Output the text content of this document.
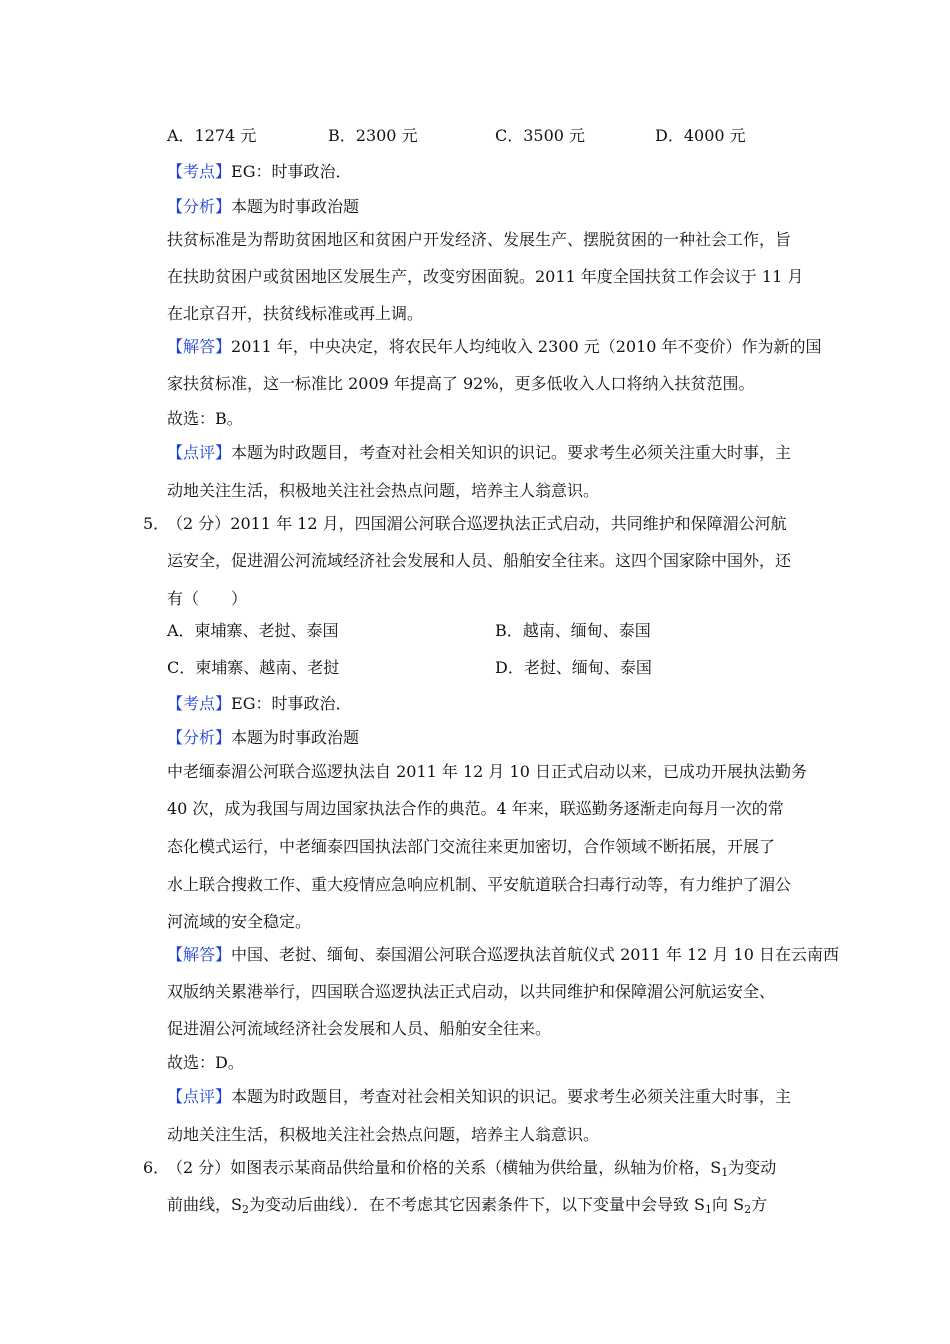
A．1274 元	B．2300 元	C．3500 元	D．4000 元
【考点】EG：时事政治．
【分析】本题为时事政治题
扶贫标准是为帮助贫困地区和贫困户开发经济、发展生产、摆脱贫困的一种社会工作，旨
在扶助贫困户或贫困地区发展生产，改变穷困面貌。2011 年度全国扶贫工作会议于 11 月
在北京召开，扶贫线标准或再上调。
【解答】2011 年，中央决定，将农民年人均纯收入 2300 元（2010 年不变价）作为新的国
家扶贫标准，这一标准比 2009 年提高了 92%，更多低收入人口将纳入扶贫范围。
故选：B。
【点评】本题为时政题目，考查对社会相关知识的识记。要求考生必须关注重大时事，主
动地关注生活，积极地关注社会热点问题，培养主人翁意识。
5．
（2 分）2011 年 12 月，四国湄公河联合巡逻执法正式启动，共同维护和保障湄公河航
运安全，促进湄公河流域经济社会发展和人员、船舶安全往来。这四个国家除中国外，还
有（　　）
A．柬埔寨、老挝、泰国	B．越南、缅甸、泰国
C．柬埔寨、越南、老挝	D．老挝、缅甸、泰国
【考点】EG：时事政治．
【分析】本题为时事政治题
中老缅泰湄公河联合巡逻执法自 2011 年 12 月 10 日正式启动以来，已成功开展执法勤务
40 次，成为我国与周边国家执法合作的典范。4 年来，联巡勤务逐渐走向每月一次的常
态化模式运行，中老缅泰四国执法部门交流往来更加密切，合作领域不断拓展，开展了
水上联合搜救工作、重大疫情应急响应机制、平安航道联合扫毒行动等，有力维护了湄公
河流域的安全稳定。
【解答】中国、老挝、缅甸、泰国湄公河联合巡逻执法首航仪式 2011 年 12 月 10 日在云南西
双版纳关累港举行，四国联合巡逻执法正式启动，以共同维护和保障湄公河航运安全、
促进湄公河流域经济社会发展和人员、船舶安全往来。
故选：D。
【点评】本题为时政题目，考查对社会相关知识的识记。要求考生必须关注重大时事，主
动地关注生活，积极地关注社会热点问题，培养主人翁意识。
6．
（2 分）如图表示某商品供给量和价格的关系（横轴为供给量，纵轴为价格，$S_1$为变动
前曲线，$S_2$为变动后曲线）．在不考虑其它因素条件下，以下变量中会导致 $S_1$向 $S_2$方
